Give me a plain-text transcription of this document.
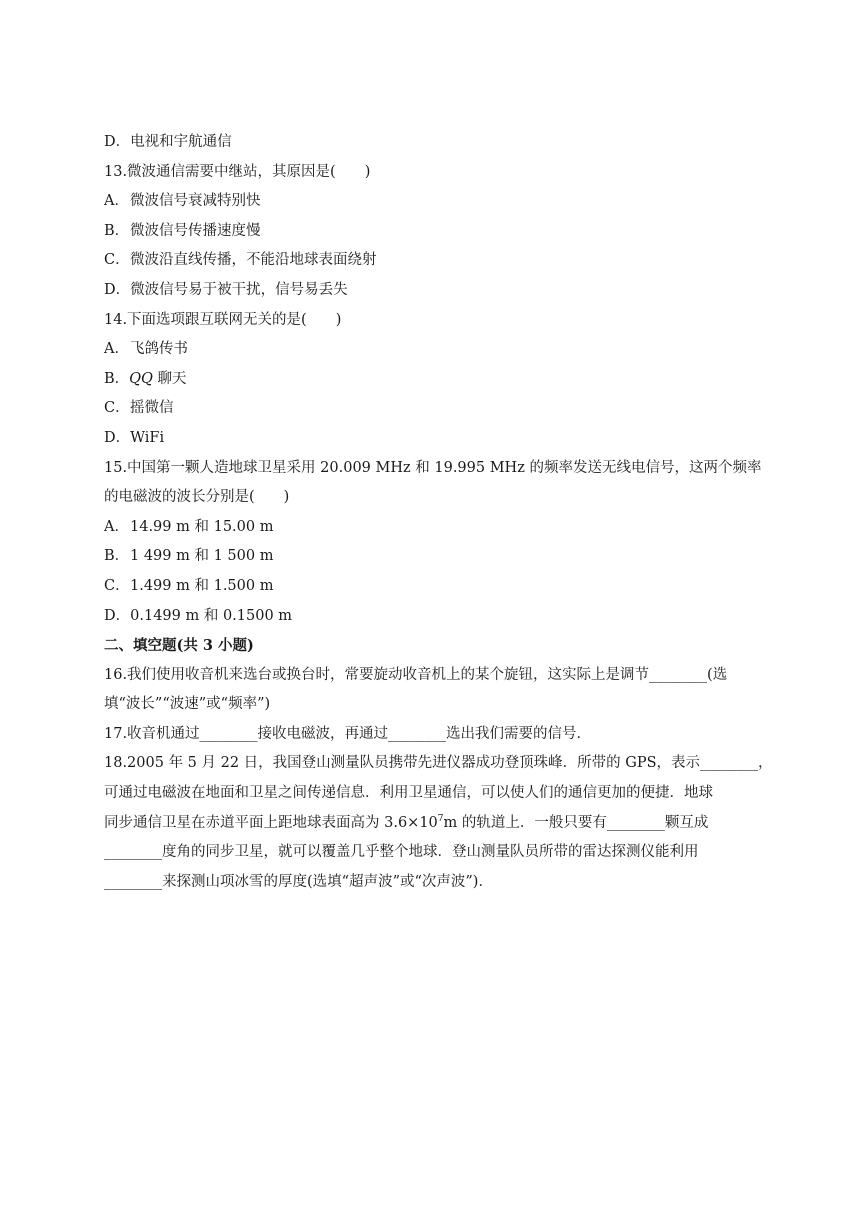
D．电视和宇航通信
13.微波通信需要中继站，其原因是(　　)
A．微波信号衰减特别快
B．微波信号传播速度慢
C．微波沿直线传播，不能沿地球表面绕射
D．微波信号易于被干扰，信号易丢失
14.下面选项跟互联网无关的是(　　)
A．飞鸽传书
B．QQ 聊天
C．摇微信
D．WiFi
15.中国第一颗人造地球卫星采用 20.009 MHz 和 19.995 MHz 的频率发送无线电信号，这两个频率
的电磁波的波长分别是(　　)
A．14.99 m 和 15.00 m
B．1 499 m 和 1 500 m
C．1.499 m 和 1.500 m
D．0.1499 m 和 0.1500 m
二、填空题(共 3 小题)
16.我们使用收音机来选台或换台时，常要旋动收音机上的某个旋钮，这实际上是调节________(选
填“波长”“波速”或“频率”)
17.收音机通过________接收电磁波，再通过________选出我们需要的信号．
18.2005 年 5 月 22 日，我国登山测量队员携带先进仪器成功登顶珠峰．所带的 GPS，表示________，
可通过电磁波在地面和卫星之间传递信息．利用卫星通信，可以使人们的通信更加的便捷．地球
同步通信卫星在赤道平面上距地球表面高为 $3.6\times 10^7m$ 的轨道上．一般只要有________颗互成
________度角的同步卫星，就可以覆盖几乎整个地球．登山测量队员所带的雷达探测仪能利用
________来探测山项冰雪的厚度(选填“超声波”或“次声波”)．
